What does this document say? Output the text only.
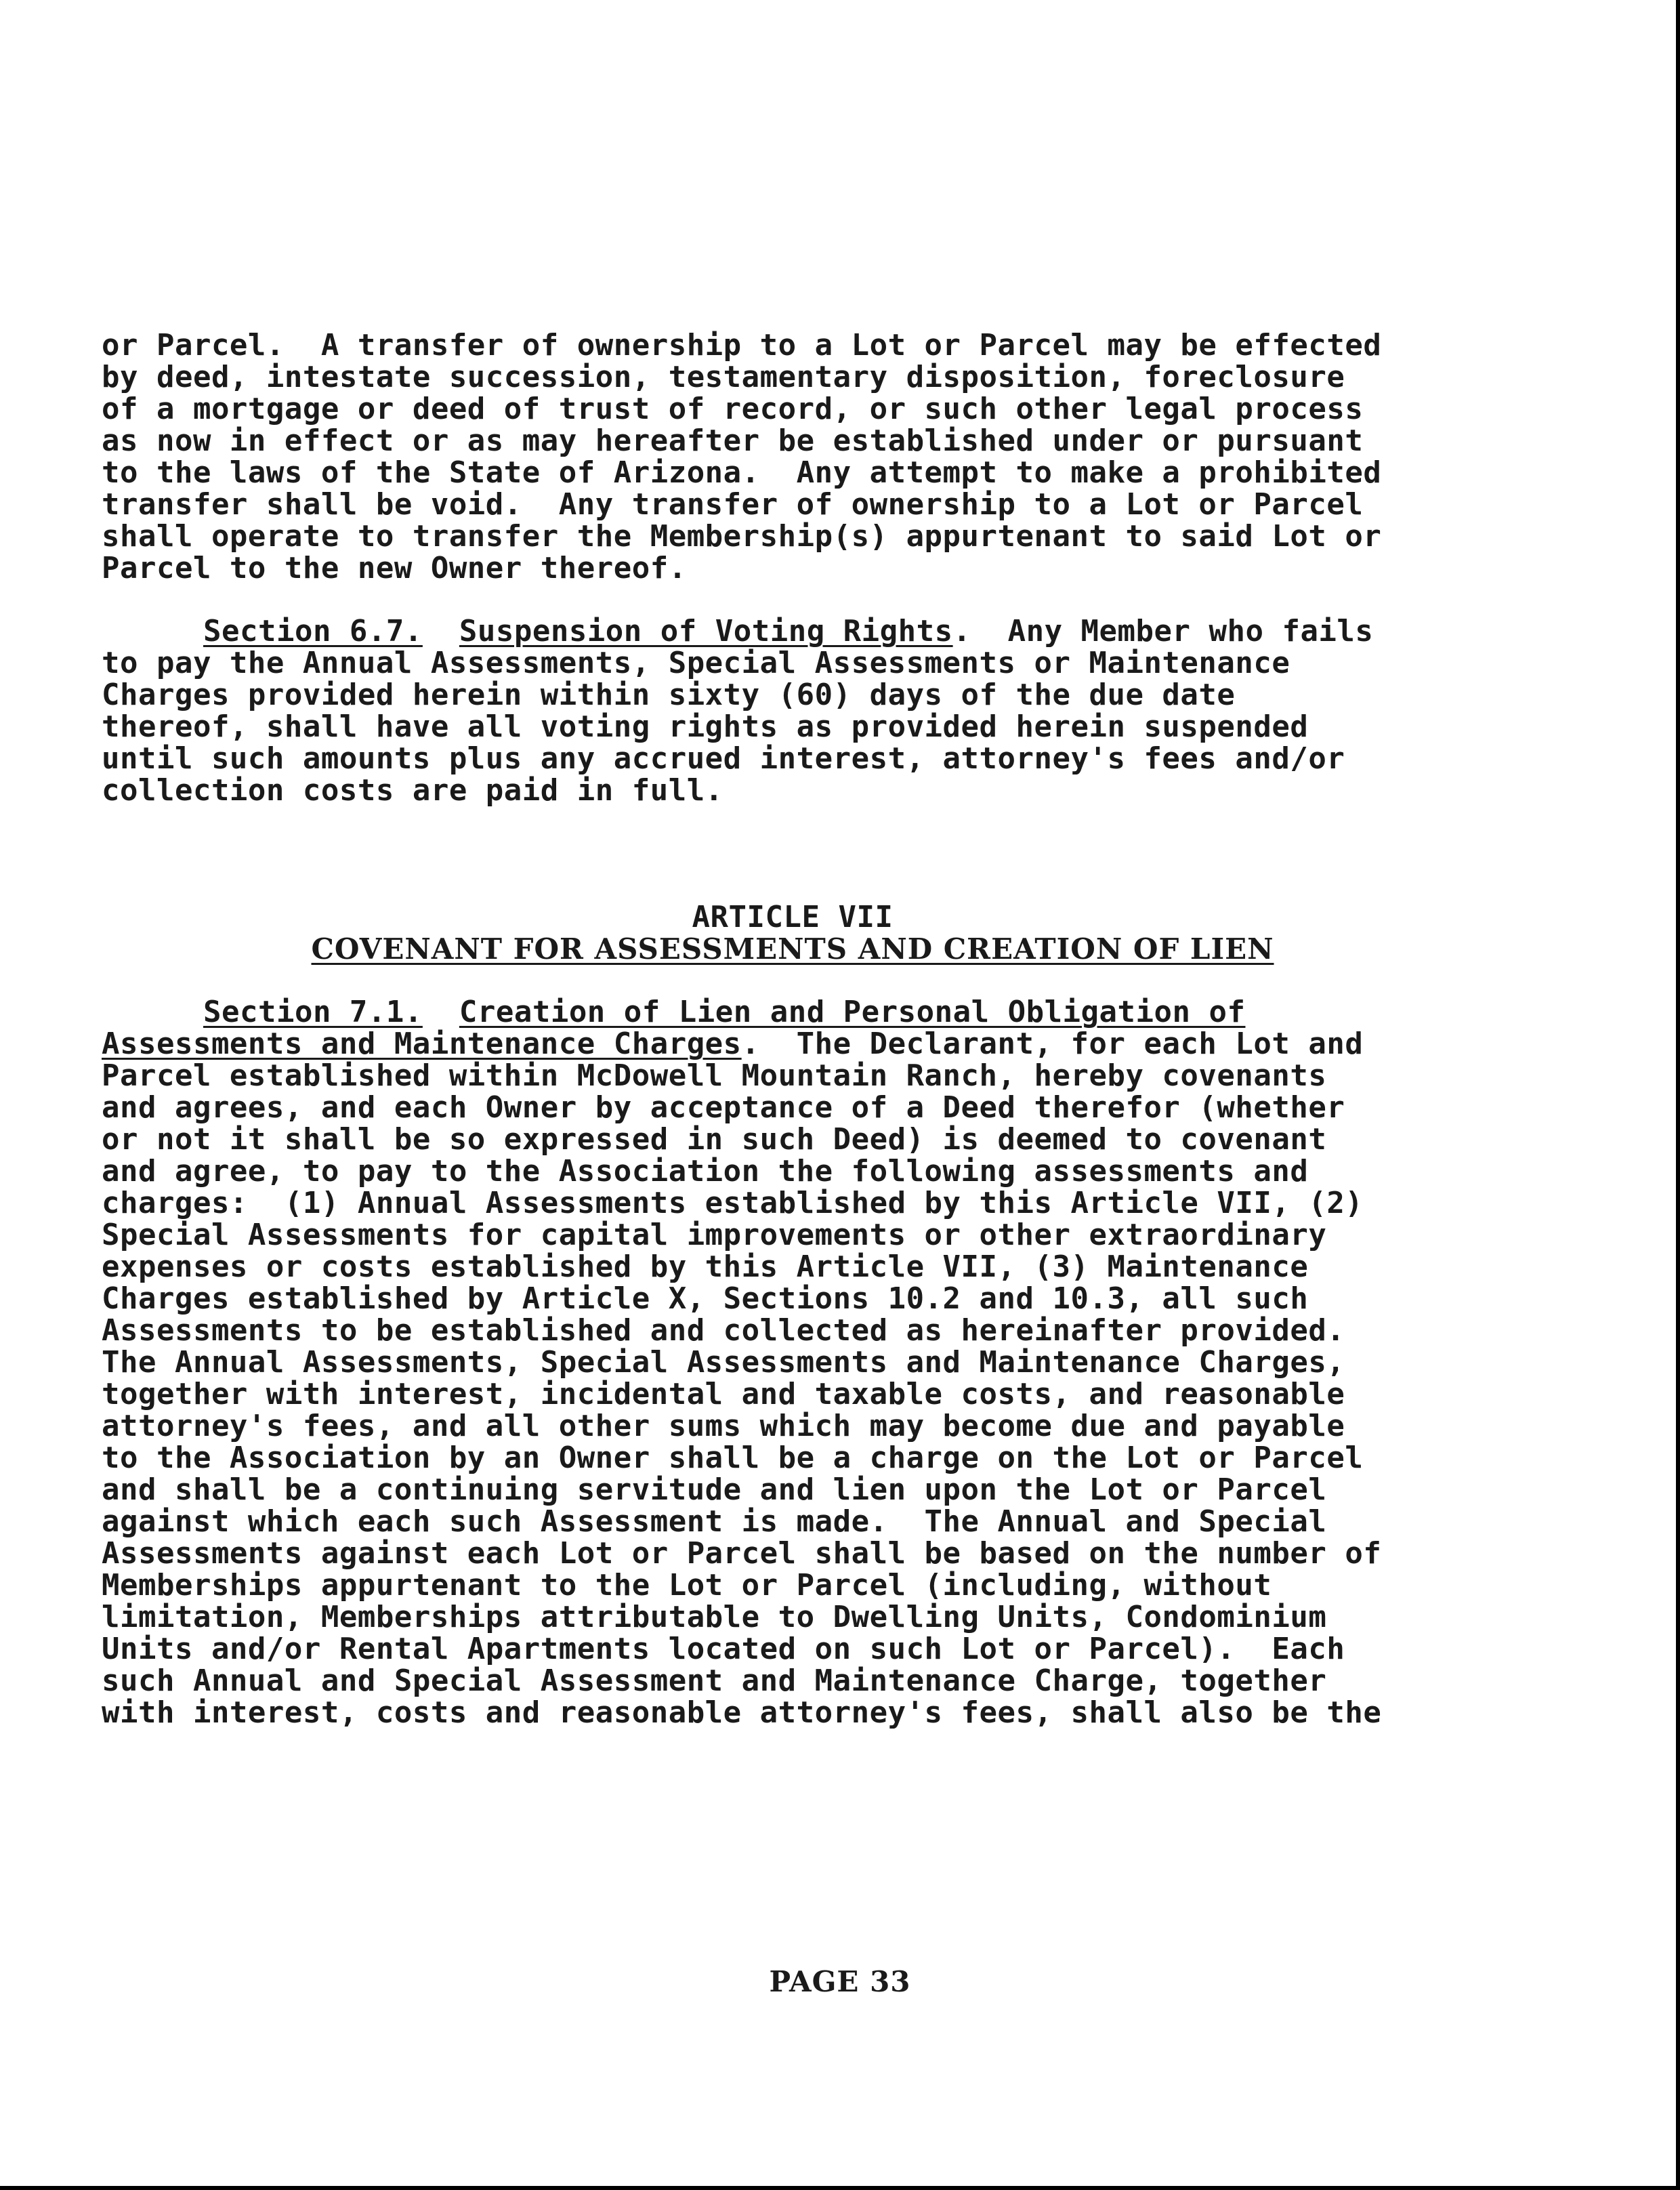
or Parcel.  A transfer of ownership to a Lot or Parcel may be effected
by deed, intestate succession, testamentary disposition, foreclosure
of a mortgage or deed of trust of record, or such other legal process
as now in effect or as may hereafter be established under or pursuant
to the laws of the State of Arizona.  Any attempt to make a prohibited
transfer shall be void.  Any transfer of ownership to a Lot or Parcel
shall operate to transfer the Membership(s) appurtenant to said Lot or
Parcel to the new Owner thereof.
Section 6.7. Suspension of Voting Rights.  Any Member who fails
to pay the Annual Assessments, Special Assessments or Maintenance
Charges provided herein within sixty (60) days of the due date
thereof, shall have all voting rights as provided herein suspended
until such amounts plus any accrued interest, attorney's fees and/or
collection costs are paid in full.
ARTICLE VII
COVENANT FOR ASSESSMENTS AND CREATION OF LIEN
Section 7.1. Creation of Lien and Personal Obligation of
Assessments and Maintenance Charges.  The Declarant, for each Lot and
Parcel established within McDowell Mountain Ranch, hereby covenants
and agrees, and each Owner by acceptance of a Deed therefor (whether
or not it shall be so expressed in such Deed) is deemed to covenant
and agree, to pay to the Association the following assessments and
charges:  (1) Annual Assessments established by this Article VII, (2)
Special Assessments for capital improvements or other extraordinary
expenses or costs established by this Article VII, (3) Maintenance
Charges established by Article X, Sections 10.2 and 10.3, all such
Assessments to be established and collected as hereinafter provided.
The Annual Assessments, Special Assessments and Maintenance Charges,
together with interest, incidental and taxable costs, and reasonable
attorney's fees, and all other sums which may become due and payable
to the Association by an Owner shall be a charge on the Lot or Parcel
and shall be a continuing servitude and lien upon the Lot or Parcel
against which each such Assessment is made.  The Annual and Special
Assessments against each Lot or Parcel shall be based on the number of
Memberships appurtenant to the Lot or Parcel (including, without
limitation, Memberships attributable to Dwelling Units, Condominium
Units and/or Rental Apartments located on such Lot or Parcel).  Each
such Annual and Special Assessment and Maintenance Charge, together
with interest, costs and reasonable attorney's fees, shall also be the
PAGE 33
